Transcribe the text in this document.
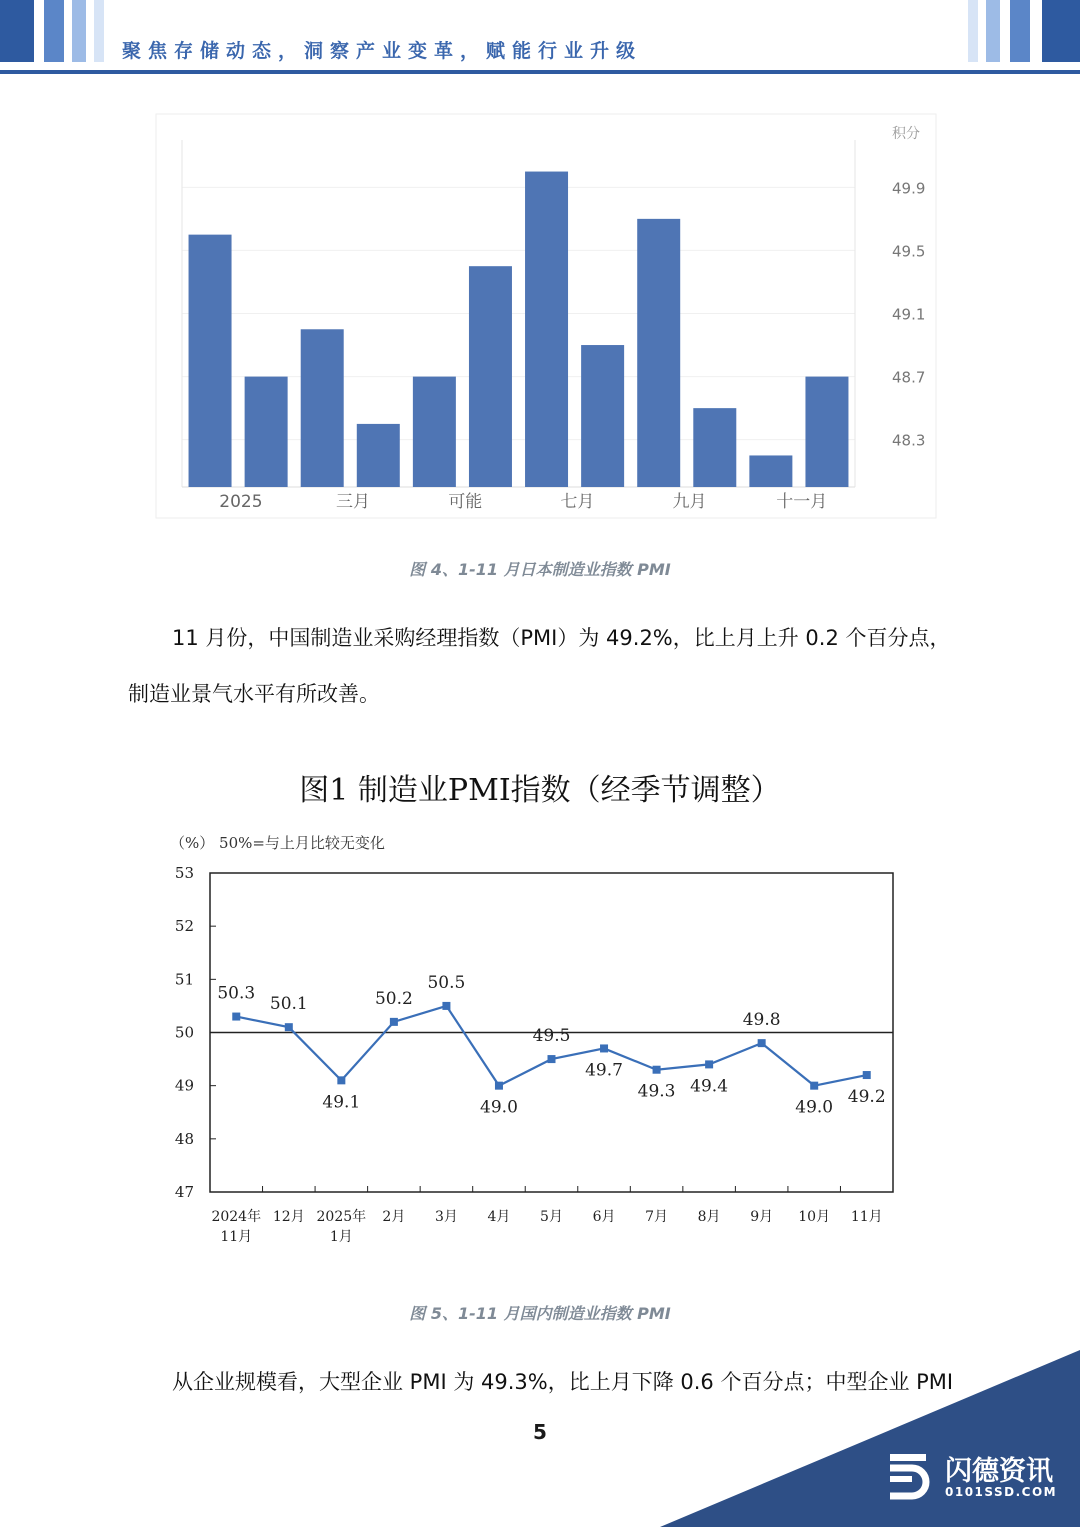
聚焦存储动态，洞察产业变革，赋能行业升级
49.9
49.5
49.1
48.7
48.3
积分
2025	三月	可能	七月	九月	十一月
图 4、1-11 月日本制造业指数 PMI
11 月份，中国制造业采购经理指数（PMI）为 49.2%，比上月上升 0.2 个百分点，
制造业景气水平有所改善。
图1 制造业PMI指数（经季节调整）
（%） 50%=与上月比较无变化
53
52
51
50
49
48
47
50.3
50.1
49.1
50.2
50.5
49.0
49.5
49.7
49.3 49.4
49.8
49.0
49.2
2024年
11月
12月 2025年
1月
2月 3月 4月 5月 6月 7月 8月 9月 10月 11月
图 5、1-11 月国内制造业指数 PMI
从企业规模看，大型企业 PMI 为 49.3%，比上月下降 0.6 个百分点；中型企业 PMI
5
闪德资讯
0101SSD.COM
